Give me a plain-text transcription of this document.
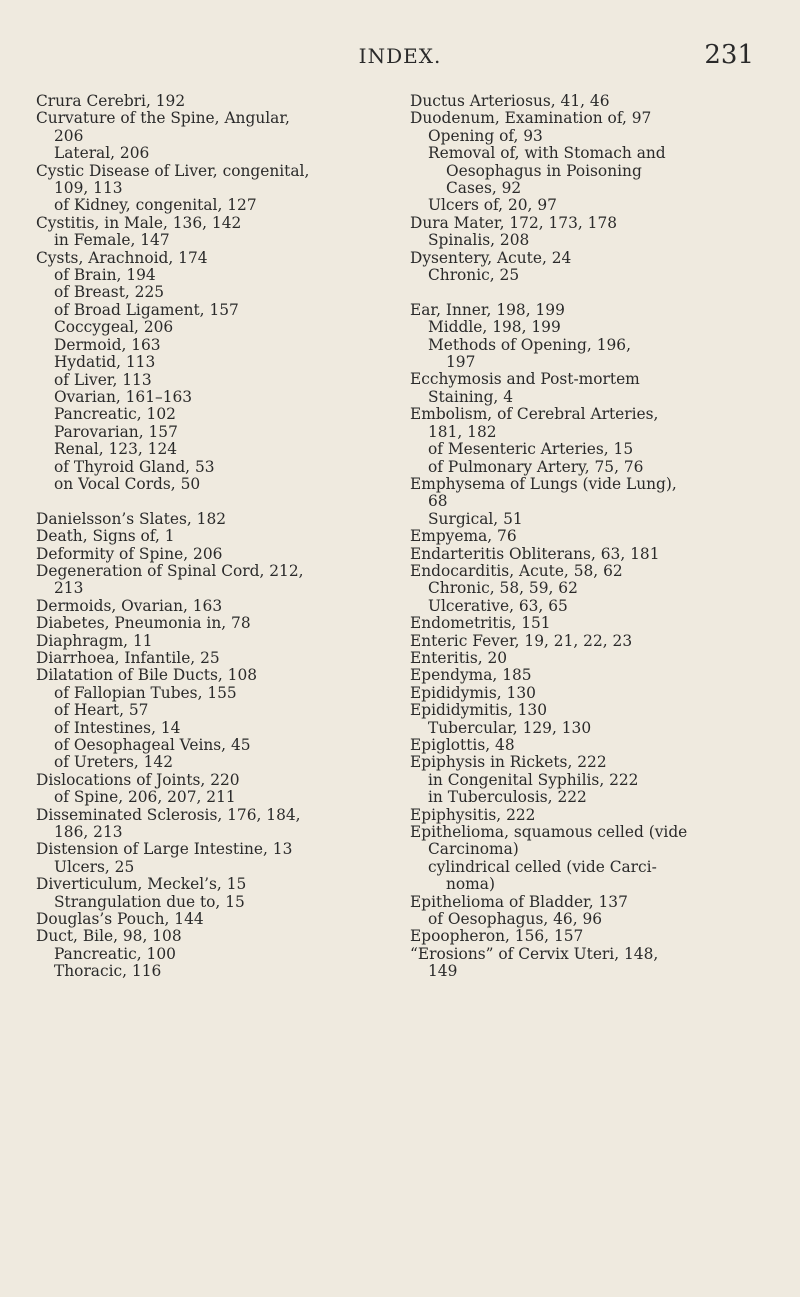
INDEX.	231
Crura Cerebri, 192
Curvature of the Spine, Angular,
206
Lateral, 206
Cystic Disease of Liver, congenital,
109, 113
of Kidney, congenital, 127
Cystitis, in Male, 136, 142
in Female, 147
Cysts, Arachnoid, 174
of Brain, 194
of Breast, 225
of Broad Ligament, 157
Coccygeal, 206
Dermoid, 163
Hydatid, 113
of Liver, 113
Ovarian, 161–163
Pancreatic, 102
Parovarian, 157
Renal, 123, 124
of Thyroid Gland, 53
on Vocal Cords, 50
Danielsson’s Slates, 182
Death, Signs of, 1
Deformity of Spine, 206
Degeneration of Spinal Cord, 212,
213
Dermoids, Ovarian, 163
Diabetes, Pneumonia in, 78
Diaphragm, 11
Diarrhoea, Infantile, 25
Dilatation of Bile Ducts, 108
of Fallopian Tubes, 155
of Heart, 57
of Intestines, 14
of Oesophageal Veins, 45
of Ureters, 142
Dislocations of Joints, 220
of Spine, 206, 207, 211
Disseminated Sclerosis, 176, 184,
186, 213
Distension of Large Intestine, 13
Ulcers, 25
Diverticulum, Meckel’s, 15
Strangulation due to, 15
Douglas’s Pouch, 144
Duct, Bile, 98, 108
Pancreatic, 100
Thoracic, 116
Ductus Arteriosus, 41, 46
Duodenum, Examination of, 97
Opening of, 93
Removal of, with Stomach and
Oesophagus in Poisoning
Cases, 92
Ulcers of, 20, 97
Dura Mater, 172, 173, 178
Spinalis, 208
Dysentery, Acute, 24
Chronic, 25
Ear, Inner, 198, 199
Middle, 198, 199
Methods of Opening, 196,
197
Ecchymosis and Post-mortem
Staining, 4
Embolism, of Cerebral Arteries,
181, 182
of Mesenteric Arteries, 15
of Pulmonary Artery, 75, 76
Emphysema of Lungs (vide Lung),
68
Surgical, 51
Empyema, 76
Endarteritis Obliterans, 63, 181
Endocarditis, Acute, 58, 62
Chronic, 58, 59, 62
Ulcerative, 63, 65
Endometritis, 151
Enteric Fever, 19, 21, 22, 23
Enteritis, 20
Ependyma, 185
Epididymis, 130
Epididymitis, 130
Tubercular, 129, 130
Epiglottis, 48
Epiphysis in Rickets, 222
in Congenital Syphilis, 222
in Tuberculosis, 222
Epiphysitis, 222
Epithelioma, squamous celled (vide
Carcinoma)
cylindrical celled (vide Carci-
noma)
Epithelioma of Bladder, 137
of Oesophagus, 46, 96
Epoopheron, 156, 157
“Erosions” of Cervix Uteri, 148,
149
